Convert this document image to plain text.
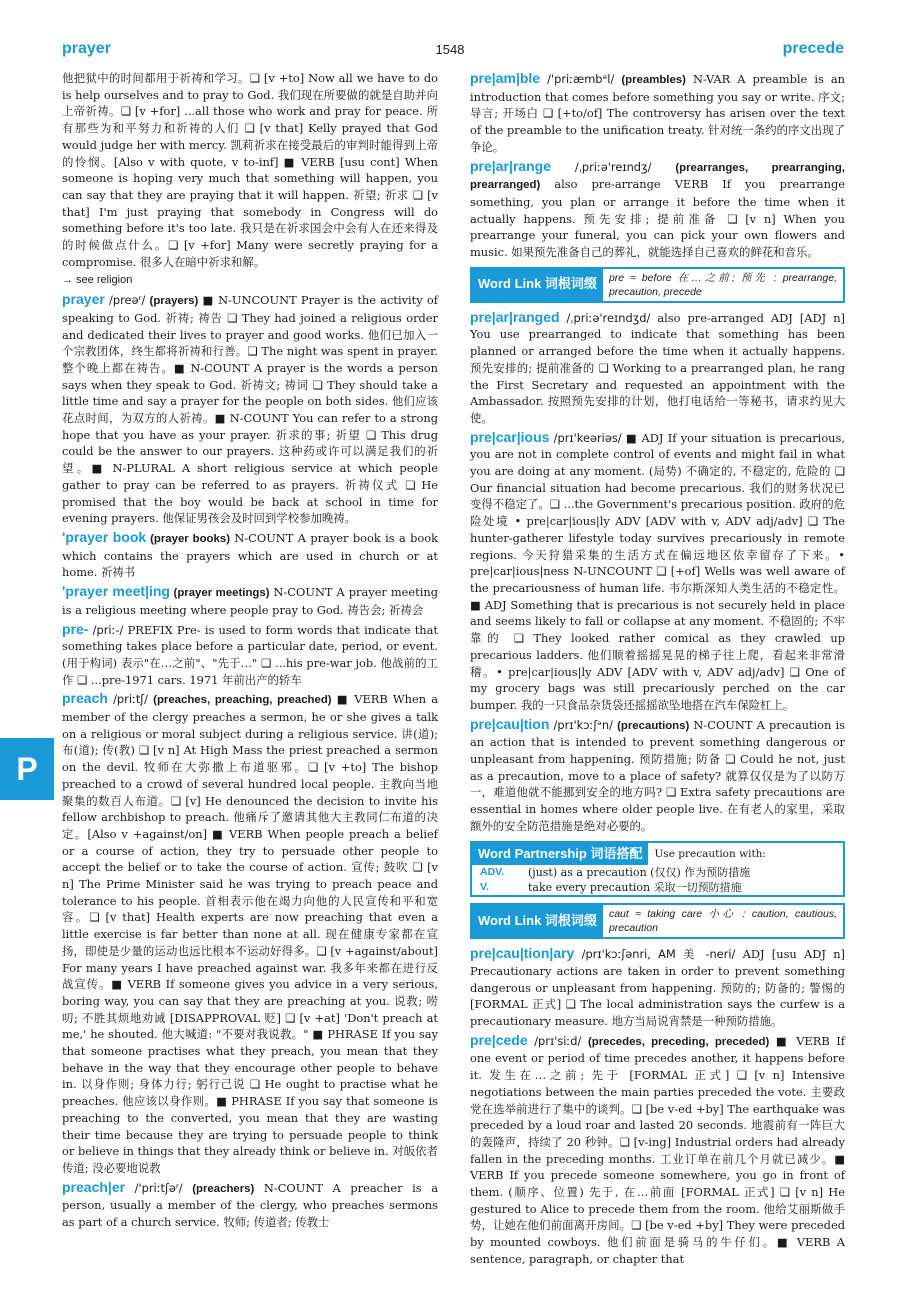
prayer	1548	precede
P

他把狱中的时间都用于祈祷和学习。❏ [v +to] Now all we have to do is help ourselves and to pray to God. 我们现在所要做的就是自助并向上帝祈祷。❏ [v +for] ...all those who work and pray for peace. 所有那些为和平努力和祈祷的人们 ❏ [v that] Kelly prayed that God would judge her with mercy. 凯莉祈求在接受最后的审判时能得到上帝的怜悯。[Also v with quote, v to-inf] ■ VERB [usu cont] When someone is hoping very much that something will happen, you can say that they are praying that it will happen. 祈望; 祈求 ❏ [v that] I'm just praying that somebody in Congress will do something before it's too late. 我只是在祈求国会中会有人在还来得及的时候做点什么。❏ [v +for] Many were secretly praying for a compromise. 很多人在暗中祈求和解。

→ see religion

prayer /preəʳ/ (prayers) ■ N-UNCOUNT Prayer is the activity of speaking to God. 祈祷; 祷告 ❏ They had joined a religious order and dedicated their lives to prayer and good works. 他们已加入一个宗教团体，终生都将祈祷和行善。❏ The night was spent in prayer. 整个晚上都在祷告。■ N-COUNT A prayer is the words a person says when they speak to God. 祈祷文; 祷词 ❏ They should take a little time and say a prayer for the people on both sides. 他们应该花点时间，为双方的人祈祷。■ N-COUNT You can refer to a strong hope that you have as your prayer. 祈求的事; 祈望 ❏ This drug could be the answer to our prayers. 这种药或许可以满足我们的祈望。■ N-PLURAL A short religious service at which people gather to pray can be referred to as prayers. 祈祷仪式 ❏ He promised that the boy would be back at school in time for evening prayers. 他保证男孩会及时回到学校参加晚祷。

'prayer book (prayer books) N-COUNT A prayer book is a book which contains the prayers which are used in church or at home. 祈祷书

'prayer meet|ing (prayer meetings) N-COUNT A prayer meeting is a religious meeting where people pray to God. 祷告会; 祈祷会

pre- /priː-/ PREFIX Pre- is used to form words that indicate that something takes place before a particular date, period, or event. (用于构词) 表示"在…之前"、"先于…" ❏ ...his pre-war job. 他战前的工作 ❏ ...pre-1971 cars. 1971 年前出产的轿车

preach /priːtʃ/ (preaches, preaching, preached) ■ VERB When a member of the clergy preaches a sermon, he or she gives a talk on a religious or moral subject during a religious service. 讲(道); 布(道); 传(教) ❏ [v n] At High Mass the priest preached a sermon on the devil. 牧师在大弥撒上布道驱邪。❏ [v +to] The bishop preached to a crowd of several hundred local people. 主教向当地聚集的数百人布道。❏ [v] He denounced the decision to invite his fellow archbishop to preach. 他痛斥了邀请其他大主教同仁布道的决定。[Also v +against/on] ■ VERB When people preach a belief or a course of action, they try to persuade other people to accept the belief or to take the course of action. 宣传; 鼓吹 ❏ [v n] The Prime Minister said he was trying to preach peace and tolerance to his people. 首相表示他在竭力向他的人民宣传和平和宽容。❏ [v that] Health experts are now preaching that even a little exercise is far better than none at all. 现在健康专家都在宣扬，即使是少量的运动也远比根本不运动好得多。❏ [v +against/about] For many years I have preached against war. 我多年来都在进行反战宣传。■ VERB If someone gives you advice in a very serious, boring way, you can say that they are preaching at you. 说教; 唠叨; 不胜其烦地劝诫 [DISAPPROVAL 贬] ❏ [v +at] 'Don't preach at me,' he shouted. 他大喊道: "不要对我说教。" ■ PHRASE If you say that someone practises what they preach, you mean that they behave in the way that they encourage other people to behave in. 以身作则; 身体力行; 躬行己说 ❏ He ought to practise what he preaches. 他应该以身作则。■ PHRASE If you say that someone is preaching to the converted, you mean that they are wasting their time because they are trying to persuade people to think or believe in things that they already think or believe in. 对皈依者传道; 没必要地说教

preach|er /'priːtʃəʳ/ (preachers) N-COUNT A preacher is a person, usually a member of the clergy, who preaches sermons as part of a church service. 牧师; 传道者; 传教士

pre|am|ble /'priːæmbᵊl/ (preambles) N-VAR A preamble is an introduction that comes before something you say or write. 序文; 导言; 开场白 ❏ [+to/of] The controversy has arisen over the text of the preamble to the unification treaty. 针对统一条约的序文出现了争论。

pre|ar|range /ˌpriːə'reɪndʒ/ (prearranges, prearranging, prearranged) also pre-arrange VERB If you prearrange something, you plan or arrange it before the time when it actually happens. 预先安排; 提前准备 ❏ [v n] When you prearrange your funeral, you can pick your own flowers and music. 如果预先准备自己的葬礼，就能选择自己喜欢的鲜花和音乐。

Word Link 词根词缀	pre ≈ before 在…之前; 预先 : prearrange, precaution, precede

pre|ar|ranged /ˌpriːə'reɪndʒd/ also pre-arranged ADJ [ADJ n] You use prearranged to indicate that something has been planned or arranged before the time when it actually happens. 预先安排的; 提前准备的 ❏ Working to a prearranged plan, he rang the First Secretary and requested an appointment with the Ambassador. 按照预先安排的计划，他打电话给一等秘书，请求约见大使。

pre|car|ious /prɪ'keəriəs/ ■ ADJ If your situation is precarious, you are not in complete control of events and might fail in what you are doing at any moment. (局势) 不确定的, 不稳定的, 危险的 ❏ Our financial situation had become precarious. 我们的财务状况已变得不稳定了。❏ ...the Government's precarious position. 政府的危险处境 • pre|car|ious|ly ADV [ADV with v, ADV adj/adv] ❏ The hunter-gatherer lifestyle today survives precariously in remote regions. 今天狩猎采集的生活方式在偏远地区依幸留存了下来。• pre|car|ious|ness N-UNCOUNT ❏ [+of] Wells was well aware of the precariousness of human life. 韦尔斯深知人类生活的不稳定性。■ ADJ Something that is precarious is not securely held in place and seems likely to fall or collapse at any moment. 不稳固的; 不牢靠的 ❏ They looked rather comical as they crawled up precarious ladders. 他们顺着摇摇晃晃的梯子往上爬，看起来非常滑稽。• pre|car|ious|ly ADV [ADV with v, ADV adj/adv] ❏ One of my grocery bags was still precariously perched on the car bumper. 我的一只食品杂货袋还摇摇欲坠地搭在汽车保险杠上。

pre|cau|tion /prɪ'kɔːʃᵊn/ (precautions) N-COUNT A precaution is an action that is intended to prevent something dangerous or unpleasant from happening. 预防措施; 防备 ❏ Could he not, just as a precaution, move to a place of safety? 就算仅仅是为了以防万一，难道他就不能挪到安全的地方吗? ❏ Extra safety precautions are essential in homes where older people live. 在有老人的家里，采取额外的安全防范措施是绝对必要的。

Word Partnership 词语搭配	Use precaution with:
ADV.	(just) as a precaution (仅仅) 作为预防措施
V.	take every precaution 采取一切预防措施
Word Link 词根词缀	caut ≈ taking care 小心 : caution, cautious, precaution

pre|cau|tion|ary /prɪ'kɔːʃənri, AM 美 -neri/ ADJ [usu ADJ n] Precautionary actions are taken in order to prevent something dangerous or unpleasant from happening. 预防的; 防备的; 警惕的 [FORMAL 正式] ❏ The local administration says the curfew is a precautionary measure. 地方当局说宵禁是一种预防措施。

pre|cede /prɪ'siːd/ (precedes, preceding, preceded) ■ VERB If one event or period of time precedes another, it happens before it. 发生在…之前; 先于 [FORMAL 正式] ❏ [v n] Intensive negotiations between the main parties preceded the vote. 主要政党在选举前进行了集中的谈判。❏ [be v-ed +by] The earthquake was preceded by a loud roar and lasted 20 seconds. 地震前有一阵巨大的轰隆声，持续了 20 秒钟。❏ [v-ing] Industrial orders had already fallen in the preceding months. 工业订单在前几个月就已减少。■ VERB If you precede someone somewhere, you go in front of them. (顺序、位置) 先于, 在…前面 [FORMAL 正式] ❏ [v n] He gestured to Alice to precede them from the room. 他给艾丽斯做手势，让她在他们前面离开房间。❏ [be v-ed +by] They were preceded by mounted cowboys. 他们前面是骑马的牛仔们。■ VERB A sentence, paragraph, or chapter that
